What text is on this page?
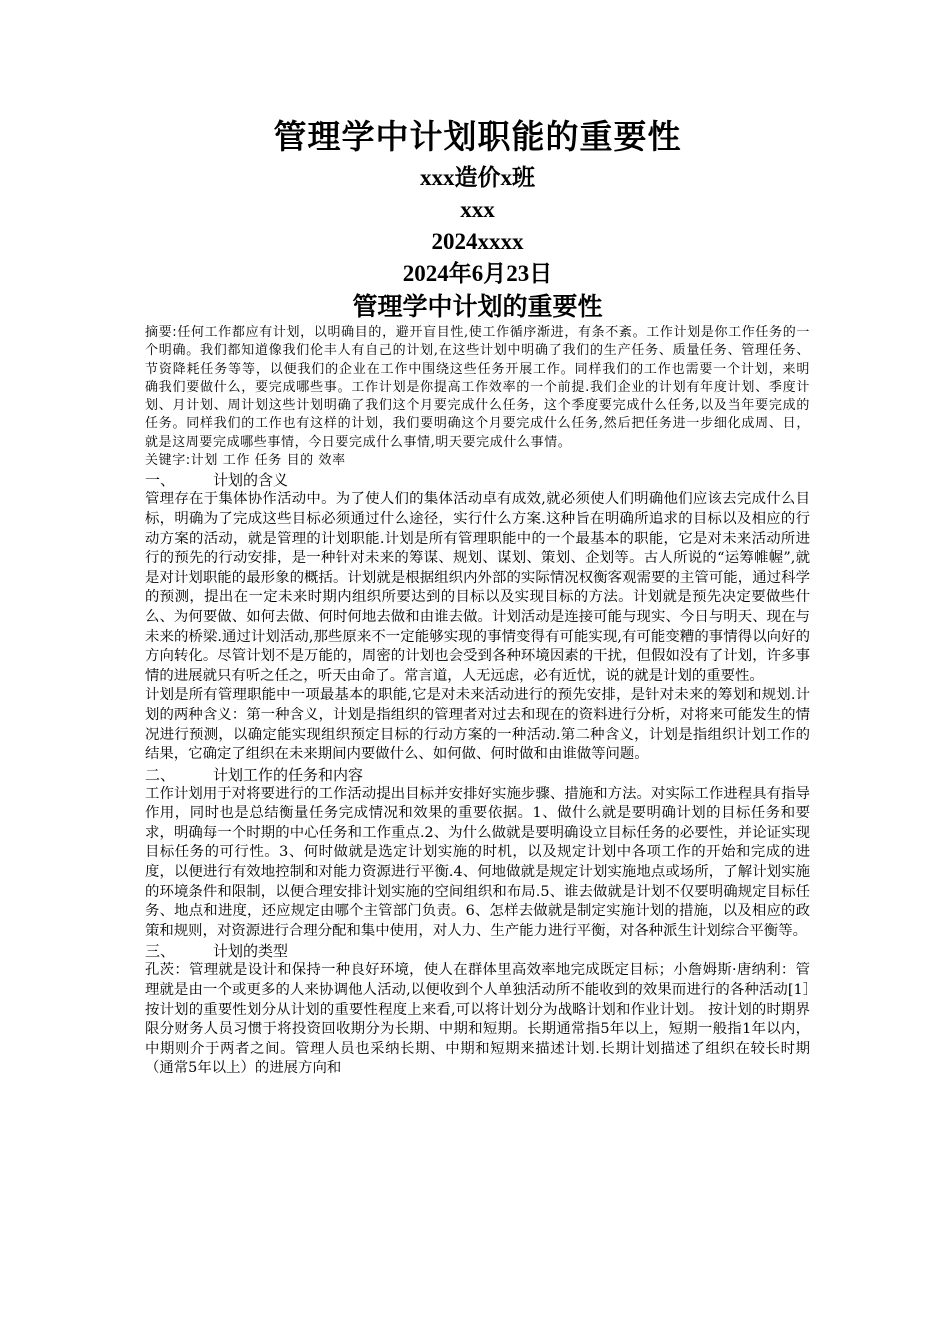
管理学中计划职能的重要性
xxx造价x班
xxx
2024xxxx
2024年6月23日
管理学中计划的重要性

摘要:任何工作都应有计划，以明确目的，避开盲目性,使工作循序渐进，有条不紊。工作计划是你工作任务的一个明确。我们都知道像我们伦丰人有自己的计划,在这些计划中明确了我们的生产任务、质量任务、管理任务、节资降耗任务等等，以便我们的企业在工作中围绕这些任务开展工作。同样我们的工作也需要一个计划，来明确我们要做什么，要完成哪些事。工作计划是你提高工作效率的一个前提.我们企业的计划有年度计划、季度计划、月计划、周计划这些计划明确了我们这个月要完成什么任务，这个季度要完成什么任务,以及当年要完成的任务。同样我们的工作也有这样的计划，我们要明确这个月要完成什么任务,然后把任务进一步细化成周、日，就是这周要完成哪些事情，今日要完成什么事情,明天要完成什么事情。

关键字:计划 工作 任务 目的 效率

一、	计划的含义

管理存在于集体协作活动中。为了使人们的集体活动卓有成效,就必须使人们明确他们应该去完成什么目标，明确为了完成这些目标必须通过什么途径，实行什么方案.这种旨在明确所追求的目标以及相应的行动方案的活动，就是管理的计划职能.计划是所有管理职能中的一个最基本的职能，它是对未来活动所进行的预先的行动安排，是一种针对未来的筹谋、规划、谋划、策划、企划等。古人所说的“运筹帷幄”,就是对计划职能的最形象的概括。计划就是根据组织内外部的实际情况权衡客观需要的主管可能，通过科学的预测，提出在一定未来时期内组织所要达到的目标以及实现目标的方法。计划就是预先决定要做些什么、为何要做、如何去做、何时何地去做和由谁去做。计划活动是连接可能与现实、今日与明天、现在与未来的桥梁.通过计划活动,那些原来不一定能够实现的事情变得有可能实现,有可能变糟的事情得以向好的方向转化。尽管计划不是万能的，周密的计划也会受到各种环境因素的干扰，但假如没有了计划，许多事情的进展就只有听之任之，听天由命了。常言道，人无远虑，必有近忧，说的就是计划的重要性。

计划是所有管理职能中一项最基本的职能,它是对未来活动进行的预先安排，是针对未来的筹划和规划.计划的两种含义：第一种含义，计划是指组织的管理者对过去和现在的资料进行分析，对将来可能发生的情况进行预测，以确定能实现组织预定目标的行动方案的一种活动.第二种含义，计划是指组织计划工作的结果，它确定了组织在未来期间内要做什么、如何做、何时做和由谁做等问题。

二、	计划工作的任务和内容

工作计划用于对将要进行的工作活动提出目标并安排好实施步骤、措施和方法。对实际工作进程具有指导作用，同时也是总结衡量任务完成情况和效果的重要依据。1、做什么就是要明确计划的目标任务和要求，明确每一个时期的中心任务和工作重点.2、为什么做就是要明确设立目标任务的必要性，并论证实现目标任务的可行性。3、何时做就是选定计划实施的时机，以及规定计划中各项工作的开始和完成的进度，以便进行有效地控制和对能力资源进行平衡.4、何地做就是规定计划实施地点或场所，了解计划实施的环境条件和限制，以便合理安排计划实施的空间组织和布局.5、谁去做就是计划不仅要明确规定目标任务、地点和进度，还应规定由哪个主管部门负责。6、怎样去做就是制定实施计划的措施，以及相应的政策和规则，对资源进行合理分配和集中使用，对人力、生产能力进行平衡，对各种派生计划综合平衡等。

三、	计划的类型

孔茨：管理就是设计和保持一种良好环境，使人在群体里高效率地完成既定目标；小詹姆斯·唐纳利：管理就是由一个或更多的人来协调他人活动,以便收到个人单独活动所不能收到的效果而进行的各种活动[1］按计划的重要性划分从计划的重要性程度上来看,可以将计划分为战略计划和作业计划。 按计划的时期界限分财务人员习惯于将投资回收期分为长期、中期和短期。长期通常指5年以上，短期一般指1年以内，中期则介于两者之间。管理人员也采纳长期、中期和短期来描述计划.长期计划描述了组织在较长时期（通常5年以上）的进展方向和
